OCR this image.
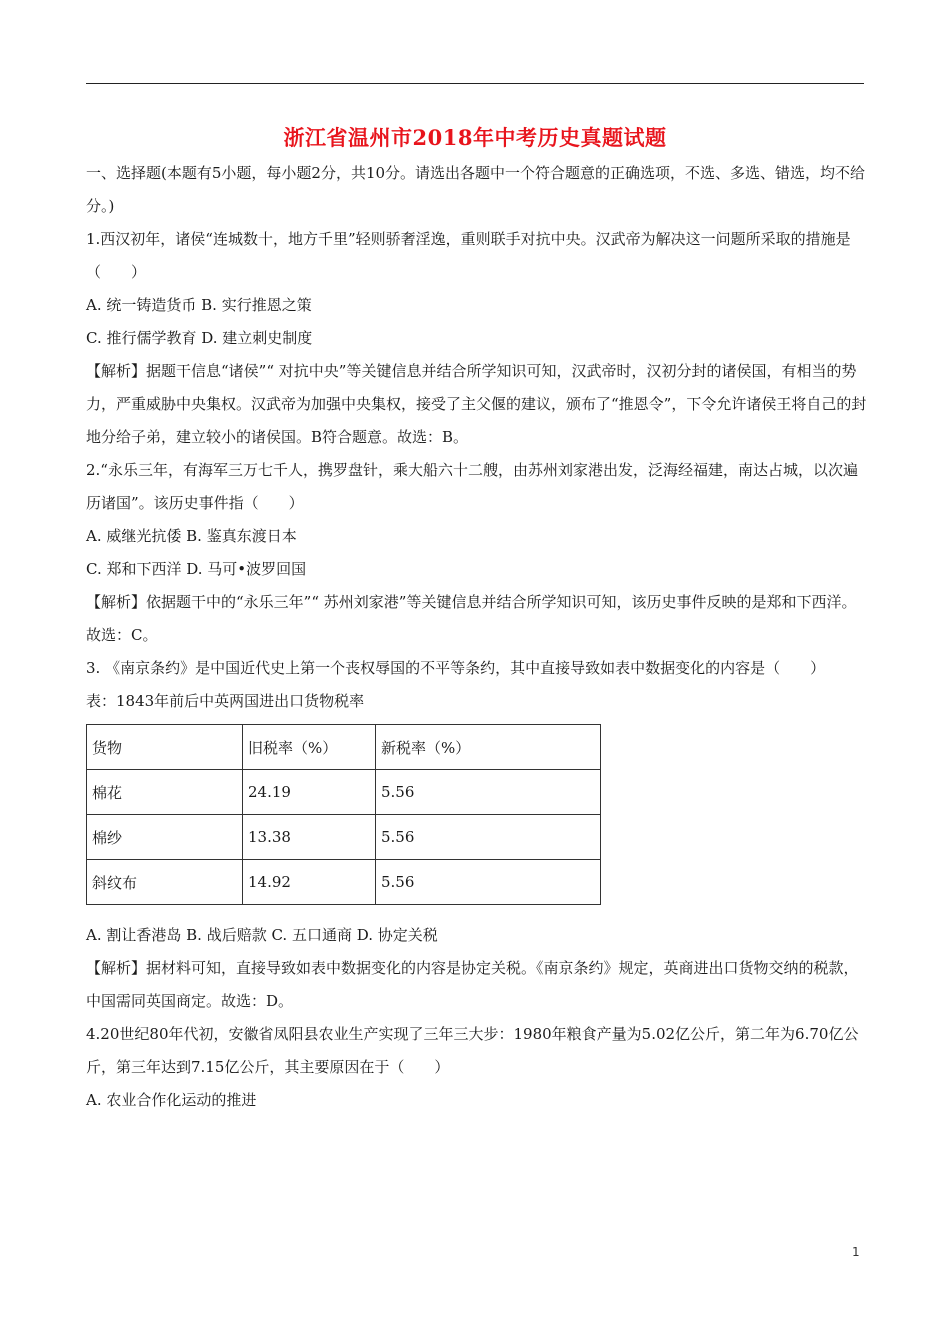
浙江省温州市2018年中考历史真题试题

一、选择题(本题有5小题，每小题2分，共10分。请选出各题中一个符合题意的正确选项，不选、多选、错选，均不给分。)

1.西汉初年，诸侯“连城数十，地方千里”轻则骄奢淫逸，重则联手对抗中央。汉武帝为解决这一问题所采取的措施是（　　）

A. 统一铸造货币 B. 实行推恩之策

C. 推行儒学教育 D. 建立刺史制度

【解析】据题干信息“诸侯”“ 对抗中央”等关键信息并结合所学知识可知，汉武帝时，汉初分封的诸侯国，有相当的势力，严重威胁中央集权。汉武帝为加强中央集权，接受了主父偃的建议，颁布了“推恩令”，下令允许诸侯王将自己的封地分给子弟，建立较小的诸侯国。B符合题意。故选：B。

2.“永乐三年，有海军三万七千人，携罗盘针，乘大船六十二艘，由苏州刘家港出发，泛海经福建，南达占城，以次遍历诸国”。该历史事件指（　　）

A. 威继光抗倭 B. 鉴真东渡日本

C. 郑和下西洋 D. 马可•波罗回国

【解析】依据题干中的“永乐三年”“ 苏州刘家港”等关键信息并结合所学知识可知，该历史事件反映的是郑和下西洋。故选：C。

3. 《南京条约》是中国近代史上第一个丧权辱国的不平等条约，其中直接导致如表中数据变化的内容是（　　）

表：1843年前后中英两国进出口货物税率

货物	旧税率（%）	新税率（%）
棉花	24.19	5.56
棉纱	13.38	5.56
斜纹布	14.92	5.56

A. 割让香港岛 B. 战后赔款 C. 五口通商 D. 协定关税

【解析】据材料可知，直接导致如表中数据变化的内容是协定关税。《南京条约》规定，英商进出口货物交纳的税款，中国需同英国商定。故选：D。

4.20世纪80年代初，安徽省凤阳县农业生产实现了三年三大步：1980年粮食产量为5.02亿公斤，第二年为6.70亿公斤，第三年达到7.15亿公斤，其主要原因在于（　　）

A. 农业合作化运动的推进

1
